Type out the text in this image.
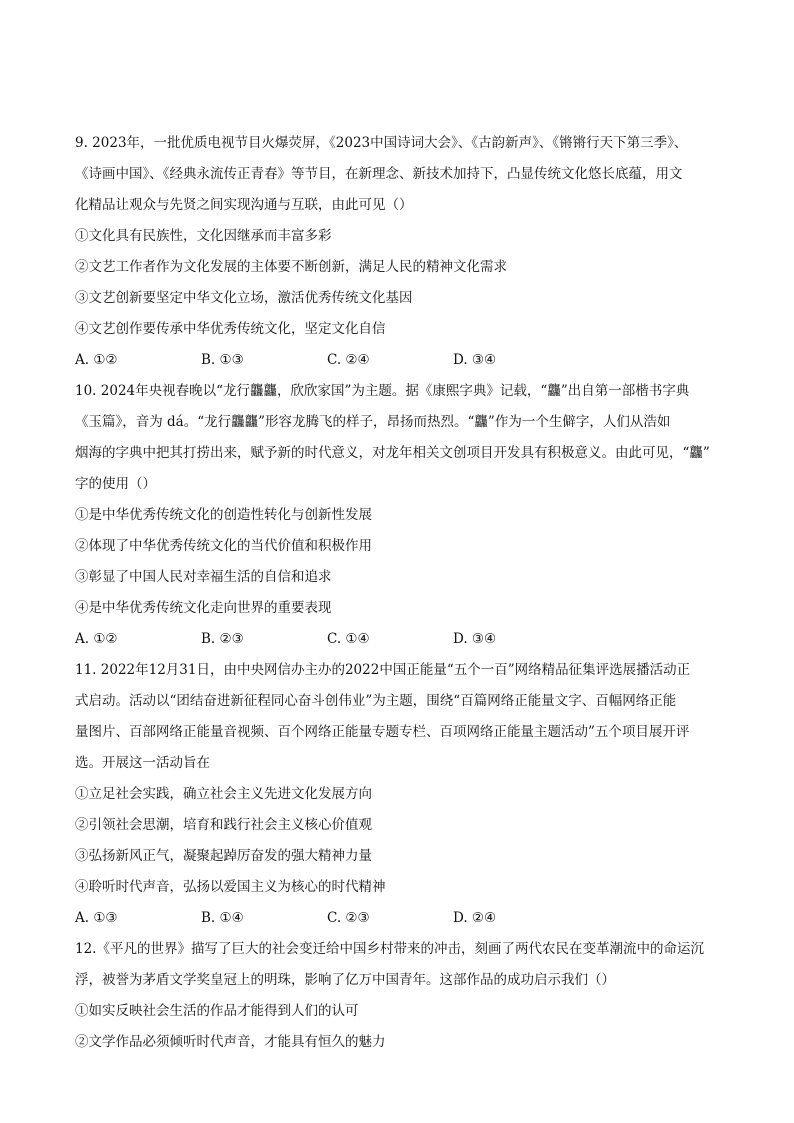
9. 2023年，一批优质电视节目火爆荧屏，《2023中国诗词大会》、《古韵新声》、《锵锵行天下第三季》、
《诗画中国》、《经典永流传正青春》等节目，在新理念、新技术加持下，凸显传统文化悠长底蕴，用文
化精品让观众与先贤之间实现沟通与互联，由此可见（）
①文化具有民族性，文化因继承而丰富多彩
②文艺工作者作为文化发展的主体要不断创新，满足人民的精神文化需求
③文艺创新要坚定中华文化立场，激活优秀传统文化基因
④文艺创作要传承中华优秀传统文化，坚定文化自信
A. ①②	B. ①③	C. ②④	D. ③④
10. 2024年央视春晚以“龙行龘龘，欣欣家国”为主题。据《康熙字典》记载，“龘”出自第一部楷书字典
《玉篇》，音为 dá。“龙行龘龘”形容龙腾飞的样子，昂扬而热烈。“龘”作为一个生僻字，人们从浩如
烟海的字典中把其打捞出来，赋予新的时代意义，对龙年相关文创项目开发具有积极意义。由此可见，“龘”
字的使用（）
①是中华优秀传统文化的创造性转化与创新性发展
②体现了中华优秀传统文化的当代价值和积极作用
③彰显了中国人民对幸福生活的自信和追求
④是中华优秀传统文化走向世界的重要表现
A. ①②	B. ②③	C. ①④	D. ③④
11. 2022年12月31日，由中央网信办主办的2022中国正能量“五个一百”网络精品征集评选展播活动正
式启动。活动以“团结奋进新征程同心奋斗创伟业”为主题，围绕“百篇网络正能量文字、百幅网络正能
量图片、百部网络正能量音视频、百个网络正能量专题专栏、百项网络正能量主题活动”五个项目展开评
选。开展这一活动旨在
①立足社会实践，确立社会主义先进文化发展方向
②引领社会思潮，培育和践行社会主义核心价值观
③弘扬新风正气，凝聚起踔厉奋发的强大精神力量
④聆听时代声音，弘扬以爱国主义为核心的时代精神
A. ①③	B. ①④	C. ②③	D. ②④
12.《平凡的世界》描写了巨大的社会变迁给中国乡村带来的冲击，刻画了两代农民在变革潮流中的命运沉
浮，被誉为茅盾文学奖皇冠上的明珠，影响了亿万中国青年。这部作品的成功启示我们（）
①如实反映社会生活的作品才能得到人们的认可
②文学作品必须倾听时代声音，才能具有恒久的魅力
